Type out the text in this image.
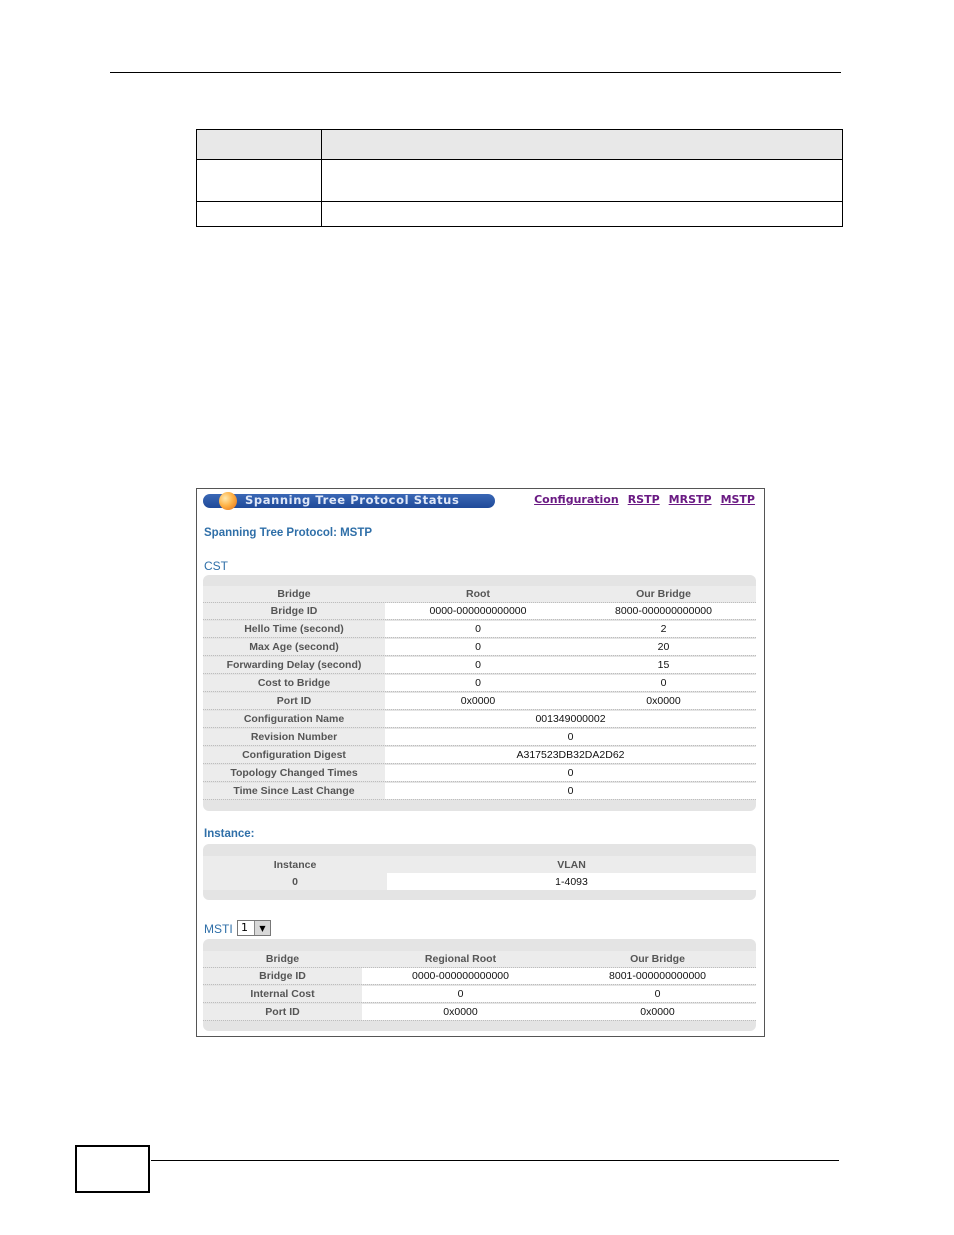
Spanning Tree Protocol Status	Configuration RSTP MRSTP MSTP
Spanning Tree Protocol: MSTP
CST
Bridge	Root	Our Bridge
Bridge ID	0000-000000000000	8000-000000000000
Hello Time (second)	0	2
Max Age (second)	0	20
Forwarding Delay (second)	0	15
Cost to Bridge	0	0
Port ID	0x0000	0x0000
Configuration Name	001349000002
Revision Number	0
Configuration Digest	A317523DB32DA2D62
Topology Changed Times	0
Time Since Last Change	0
Instance:
Instance	VLAN
0	1-4093
MSTI 1	▼
Bridge	Regional Root	Our Bridge
Bridge ID	0000-000000000000	8001-000000000000
Internal Cost	0	0
Port ID	0x0000	0x0000
